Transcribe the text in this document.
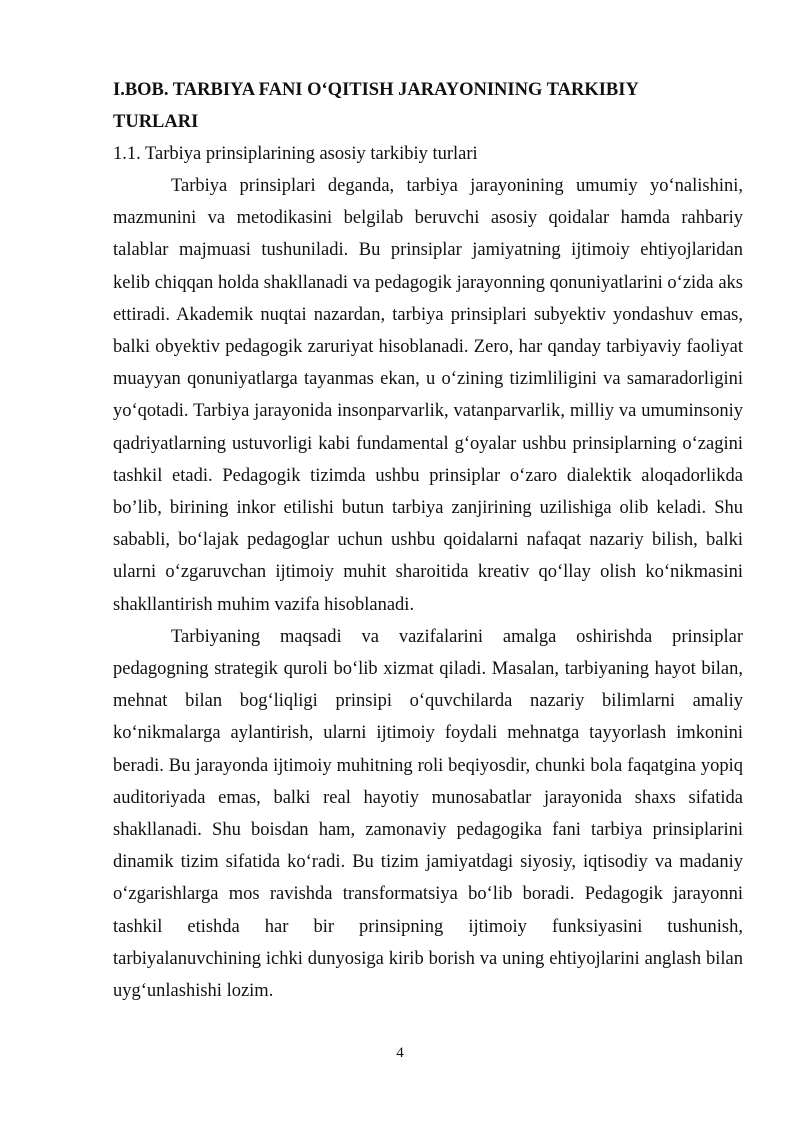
I.BOB. TARBIYA FANI O‘QITISH JARAYONINING TARKIBIY TURLARI

1.1. Tarbiya prinsiplarining asosiy tarkibiy turlari

Tarbiya prinsiplari deganda, tarbiya jarayonining umumiy yo‘nalishini, mazmunini va metodikasini belgilab beruvchi asosiy qoidalar hamda rahbariy talablar majmuasi tushuniladi. Bu prinsiplar jamiyatning ijtimoiy ehtiyojlaridan kelib chiqqan holda shakllanadi va pedagogik jarayonning qonuniyatlarini o‘zida aks ettiradi. Akademik nuqtai nazardan, tarbiya prinsiplari subyektiv yondashuv emas, balki obyektiv pedagogik zaruriyat hisoblanadi. Zero, har qanday tarbiyaviy faoliyat muayyan qonuniyatlarga tayanmas ekan, u o‘zining tizimliligini va samaradorligini yo‘qotadi. Tarbiya jarayonida insonparvarlik, vatanparvarlik, milliy va umuminsoniy qadriyatlarning ustuvorligi kabi fundamental g‘oyalar ushbu prinsiplarning o‘zagini tashkil etadi. Pedagogik tizimda ushbu prinsiplar o‘zaro dialektik aloqadorlikda bo’lib, birining inkor etilishi butun tarbiya zanjirining uzilishiga olib keladi. Shu sababli, bo‘lajak pedagoglar uchun ushbu qoidalarni nafaqat nazariy bilish, balki ularni o‘zgaruvchan ijtimoiy muhit sharoitida kreativ qo‘llay olish ko‘nikmasini shakllantirish muhim vazifa hisoblanadi.

Tarbiyaning maqsadi va vazifalarini amalga oshirishda prinsiplar pedagogning strategik quroli bo‘lib xizmat qiladi. Masalan, tarbiyaning hayot bilan, mehnat bilan bog‘liqligi prinsipi o‘quvchilarda nazariy bilimlarni amaliy ko‘nikmalarga aylantirish, ularni ijtimoiy foydali mehnatga tayyorlash imkonini beradi. Bu jarayonda ijtimoiy muhitning roli beqiyosdir, chunki bola faqatgina yopiq auditoriyada emas, balki real hayotiy munosabatlar jarayonida shaxs sifatida shakllanadi. Shu boisdan ham, zamonaviy pedagogika fani tarbiya prinsiplarini dinamik tizim sifatida ko‘radi. Bu tizim jamiyatdagi siyosiy, iqtisodiy va madaniy o‘zgarishlarga mos ravishda transformatsiya bo‘lib boradi. Pedagogik jarayonni tashkil etishda har bir prinsipning ijtimoiy funksiyasini tushunish, tarbiyalanuvchining ichki dunyosiga kirib borish va uning ehtiyojlarini anglash bilan uyg‘unlashishi lozim.

4
